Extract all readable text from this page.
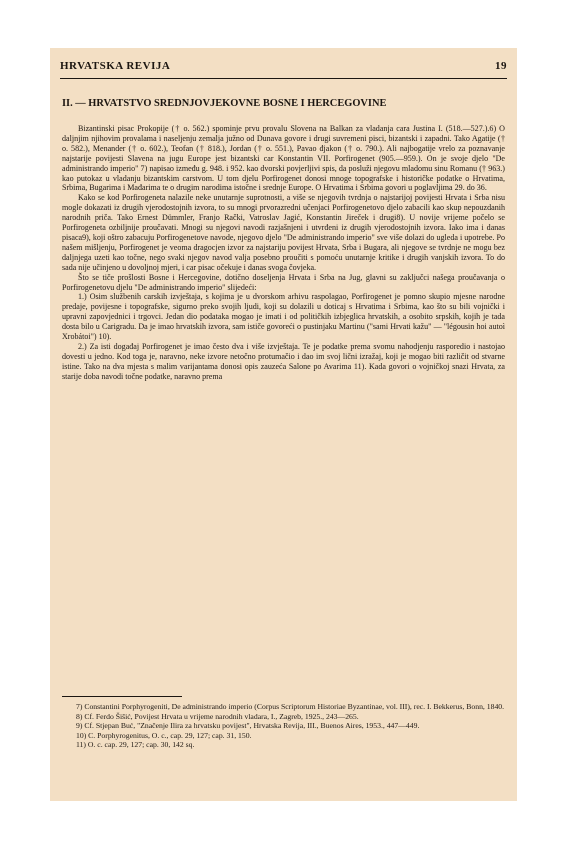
HRVATSKA REVIJA	19
II. — HRVATSTVO SREDNJOVJEKOVNE BOSNE I HERCEGOVINE

Bizantinski pisac Prokopije († o. 562.) spominje prvu provalu Slovena na Balkan za vladanja cara Justina I. (518.—527.).6) O daljnjim njihovim provalama i naseljenju zemalja južno od Dunava govore i drugi suvremeni pisci, bizantski i zapadni. Tako Agatije († o. 582.), Menander († o. 602.), Teofan († 818.), Jordan († o. 551.), Pavao đjakon († o. 790.). Ali najbogatije vrelo za poznavanje najstarije povijesti Slavena na jugu Europe jest bizantski car Konstantin VII. Porfirogenet (905.—959.). On je svoje djelo "De administrando imperio" 7) napisao između g. 948. i 952. kao dvorski povjerljivi spis, da posluži njegovu mladomu sinu Romanu († 963.) kao putokaz u vladanju bizantskim carstvom. U tom djelu Porfirogenet donosi mnoge topografske i historičke podatke o Hrvatima, Srbima, Bugarima i Mađarima te o drugim narodima istočne i srednje Europe. O Hrvatima i Srbima govori u poglavljima 29. do 36.

Kako se kod Porfirogeneta nalazile neke unutarnje suprotnosti, a više se njegovih tvrdnja o najstarijoj povijesti Hrvata i Srba nisu mogle dokazati iz drugih vjerodostojnih izvora, to su mnogi prvorazredni učenjaci Porfirogenetovo djelo zabacili kao skup nepouzdanih narodnih priča. Tako Ernest Dümmler, Franjo Rački, Vatroslav Jagić, Konstantin Jireček i drugi8). U novije vrijeme počelo se Porfirogeneta ozbiljnije proučavati. Mnogi su njegovi navodi razjašnjeni i utvrđeni iz drugih vjerodostojnih izvora. Iako ima i danas pisaca9), koji oštro zabacuju Porfirogenetove navode, njegovo djelo "De administrando imperio" sve više dolazi do ugleda i upotrebe. Po našem mišljenju, Porfirogenet je veoma dragocjen izvor za najstariju povijest Hrvata, Srba i Bugara, ali njegove se tvrdnje ne mogu bez daljnjega uzeti kao točne, nego svaki njegov navod valja posebno proučiti s pomoću unutarnje kritike i drugih vanjskih izvora. To do sada nije učinjeno u dovoljnoj mjeri, i car pisac očekuje i danas svoga čovjeka.

Što se tiče prošlosti Bosne i Hercegovine, dotično doseljenja Hrvata i Srba na Jug, glavni su zaključci našega proučavanja o Porfirogenetovu djelu "De administrando imperio" slijedeći:

1.) Osim službenih carskih izvještaja, s kojima je u dvorskom arhivu raspolagao, Porfirogenet je pomno skupio mjesne narodne predaje, povijesne i topografske, sigurno preko svojih ljudi, koji su dolazili u doticaj s Hrvatima i Srbima, kao što su bili vojnički i upravni zapovjednici i trgovci. Jedan dio podataka mogao je imati i od političkih izbjeglica hrvatskih, a osobito srpskih, kojih je tada dosta bilo u Carigradu. Da je imao hrvatskih izvora, sam ističe govoreći o pustinjaku Martinu ("sami Hrvati kažu" — "légousin hoi autoì Xrobátoi") 10).

2.) Za isti događaj Porfirogenet je imao često dva i više izvještaja. Te je podatke prema svomu nahodjenju rasporedio i nastojao dovesti u jedno. Kod toga je, naravno, neke izvore netočno protumačio i dao im svoj lični izražaj, koji je mogao biti različit od stvarne istine. Tako na dva mjesta s malim varijantama donosi opis zauzeća Salone po Avarima 11). Kada govori o vojničkoj snazi Hrvata, za starije doba navodi točne podatke, naravno prema

7) Constantini Porphyrogeniti, De administrando imperio (Corpus Scriptorum Historiae Byzantinae, vol. III), rec. I. Bekkerus, Bonn, 1840.

8) Cf. Ferdo Šišić, Povijest Hrvata u vrijeme narodnih vladara, I., Zagreb, 1925., 243—265.

9) Cf. Stjepan Buć, "Značenje Ilira za hrvatsku povijest", Hrvatska Revija, III., Buenos Aires, 1953., 447—449.

10) C. Porphyrogenitus, O. c., cap. 29, 127; cap. 31, 150.

11) O. c. cap. 29, 127; cap. 30, 142 sq.
